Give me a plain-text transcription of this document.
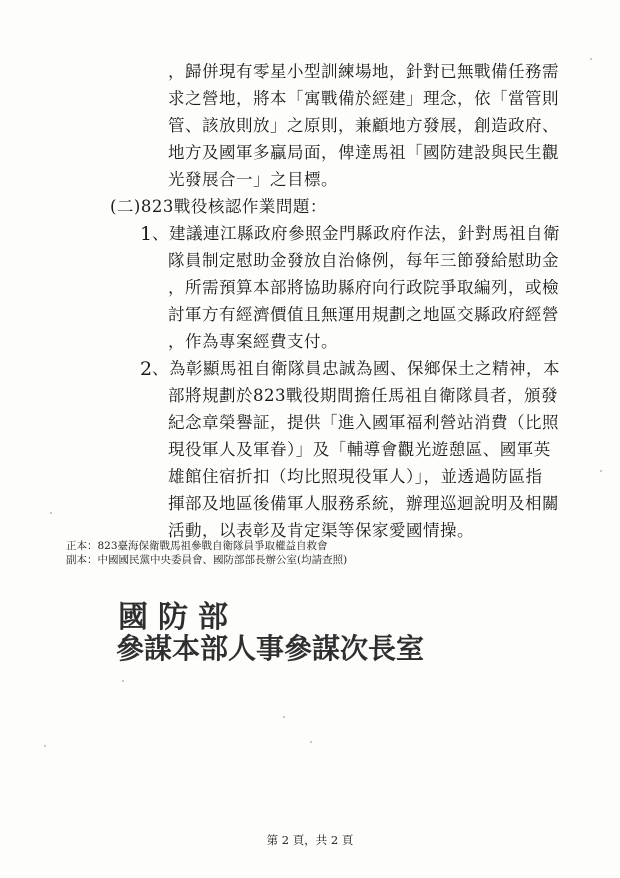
，歸併現有零星小型訓練場地，針對已無戰備任務需
求之營地，將本「寓戰備於經建」理念，依「當管則
管、該放則放」之原則，兼顧地方發展，創造政府、
地方及國軍多贏局面，俾達馬祖「國防建設與民生觀
光發展合一」之目標。
(二)823戰役核認作業問題：
1 、建議連江縣政府參照金門縣政府作法，針對馬祖自衛
隊員制定慰助金發放自治條例，每年三節發給慰助金
，所需預算本部將協助縣府向行政院爭取編列，或檢
討軍方有經濟價值且無運用規劃之地區交縣政府經營
，作為專案經費支付。
2 、為彰顯馬祖自衛隊員忠誠為國、保鄉保土之精神，本
部將規劃於823戰役期間擔任馬祖自衛隊員者，頒發
紀念章榮譽証，提供「進入國軍福利營站消費（比照
現役軍人及軍眷）」及「輔導會觀光遊憩區、國軍英
雄館住宿折扣（均比照現役軍人）」，並透過防區指
揮部及地區後備軍人服務系統，辦理巡迴說明及相關
活動，以表彰及肯定渠等保家愛國情操。
正本：823臺海保衛戰馬祖參戰自衛隊員爭取權益自救會
副本：中國國民黨中央委員會、國防部部長辦公室(均請查照)
國防部
參謀本部人事參謀次長室
第 2 頁，共 2 頁
